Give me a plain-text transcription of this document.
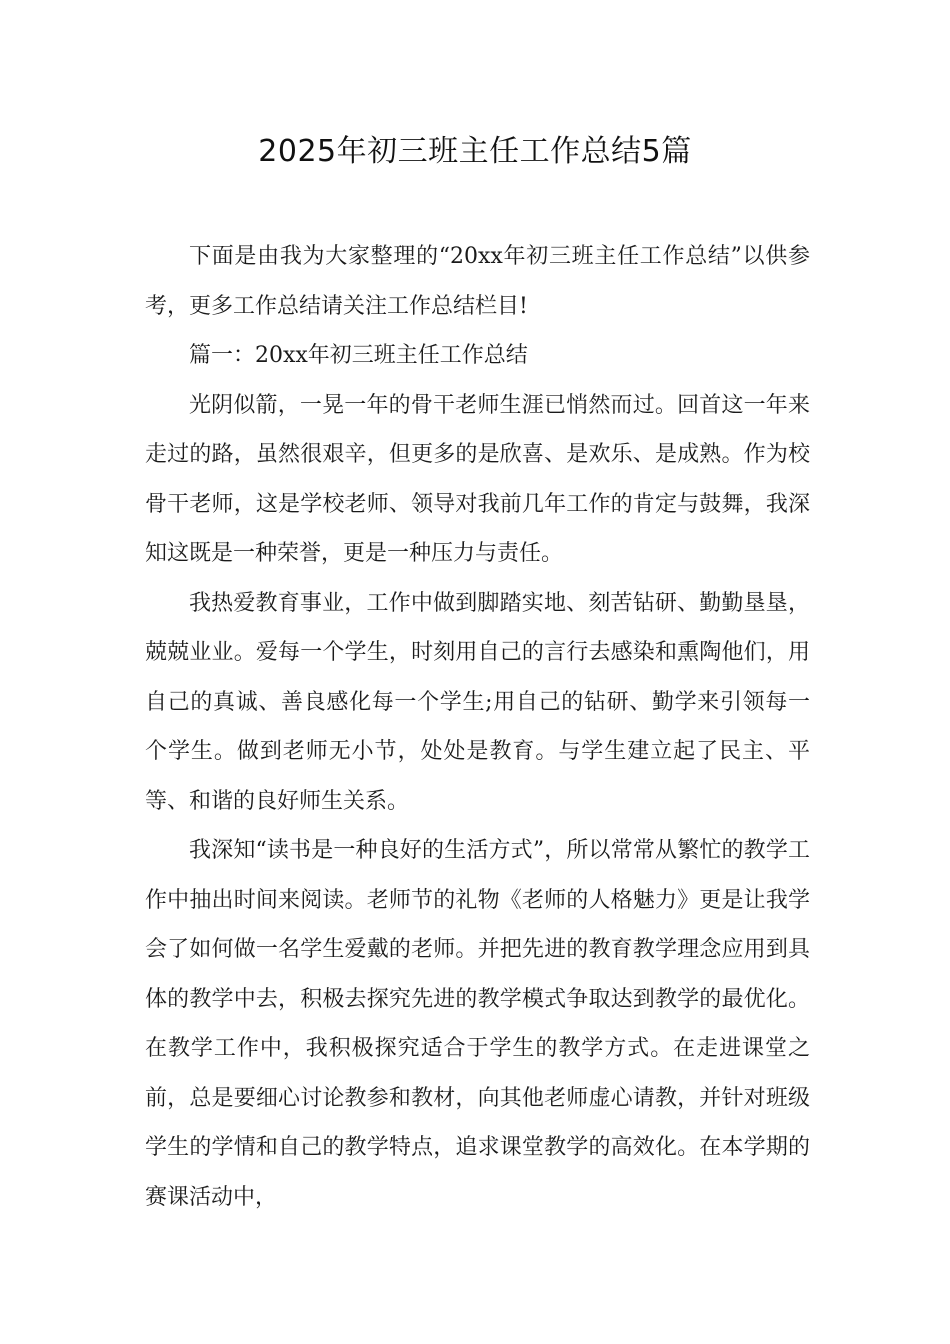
2025年初三班主任工作总结5篇

下面是由我为大家整理的“20xx年初三班主任工作总结”以供参考，更多工作总结请关注工作总结栏目!

篇一：20xx年初三班主任工作总结

光阴似箭，一晃一年的骨干老师生涯已悄然而过。回首这一年来走过的路，虽然很艰辛，但更多的是欣喜、是欢乐、是成熟。作为校骨干老师，这是学校老师、领导对我前几年工作的肯定与鼓舞，我深知这既是一种荣誉，更是一种压力与责任。

我热爱教育事业，工作中做到脚踏实地、刻苦钻研、勤勤垦垦，兢兢业业。爱每一个学生，时刻用自己的言行去感染和熏陶他们，用自己的真诚、善良感化每一个学生;用自己的钻研、勤学来引领每一个学生。做到老师无小节，处处是教育。与学生建立起了民主、平等、和谐的良好师生关系。

我深知“读书是一种良好的生活方式”，所以常常从繁忙的教学工作中抽出时间来阅读。老师节的礼物《老师的人格魅力》更是让我学会了如何做一名学生爱戴的老师。并把先进的教育教学理念应用到具体的教学中去，积极去探究先进的教学模式争取达到教学的最优化。 在教学工作中，我积极探究适合于学生的教学方式。在走进课堂之前，总是要细心讨论教参和教材，向其他老师虚心请教，并针对班级学生的学情和自己的教学特点，追求课堂教学的高效化。在本学期的赛课活动中，
